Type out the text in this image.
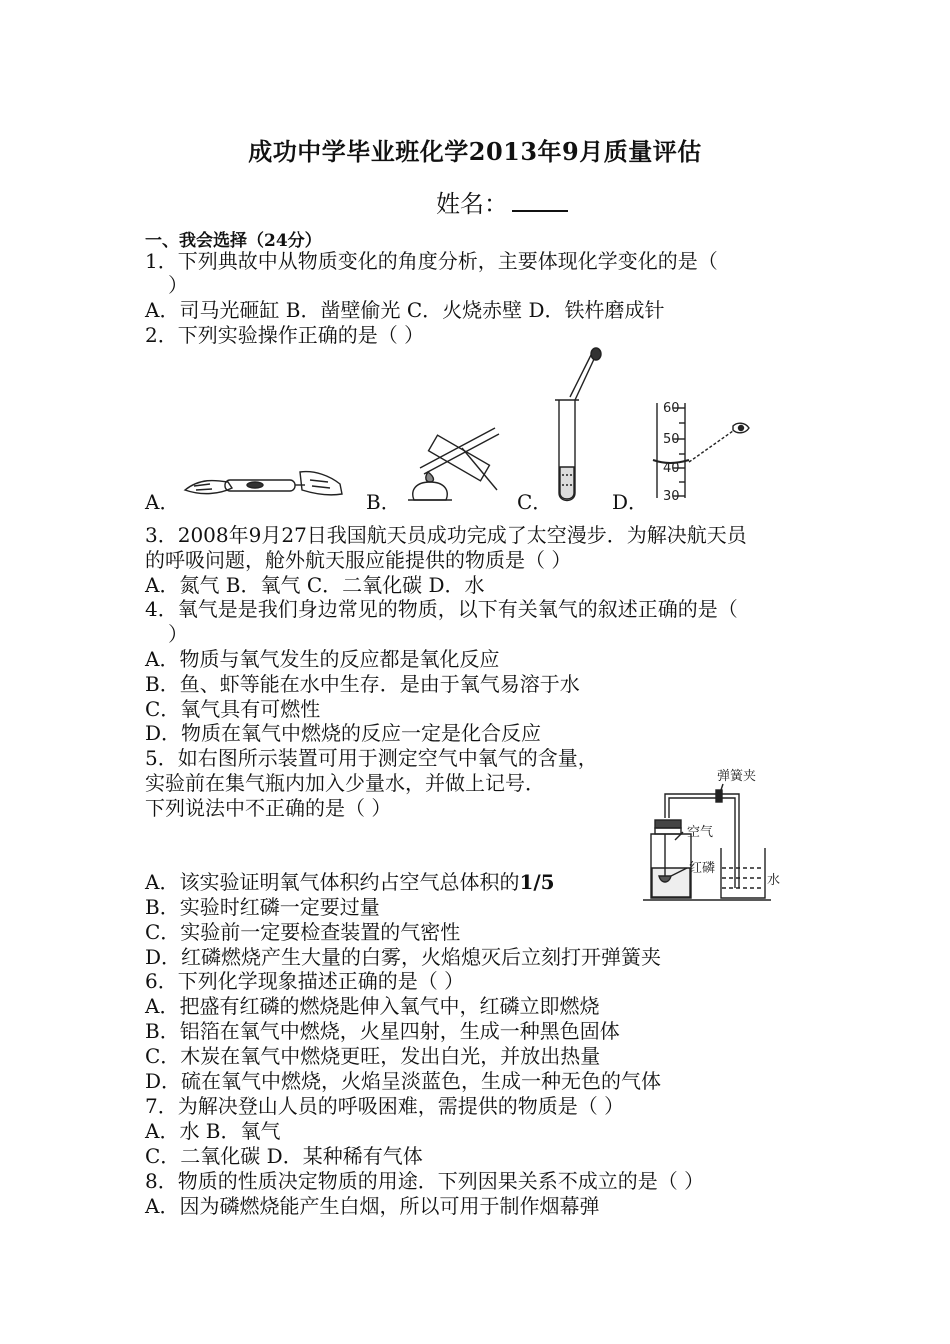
成功中学毕业班化学2013年9月质量评估
姓名：
一、我会选择（24分）
1．下列典故中从物质变化的角度分析，主要体现化学变化的是（
）
A．司马光砸缸 B．凿壁偷光 C．火烧赤壁 D．铁杵磨成针
2．下列实验操作正确的是（ ）
A．	B．	C．	D．
60
50
40
30
3．2008年9月27日我国航天员成功完成了太空漫步．为解决航天员
的呼吸问题，舱外航天服应能提供的物质是（ ）
A．氮气 B．氧气 C．二氧化碳 D．水
4．氧气是是我们身边常见的物质，以下有关氧气的叙述正确的是（
）
A．物质与氧气发生的反应都是氧化反应
B．鱼、虾等能在水中生存．是由于氧气易溶于水
C．氧气具有可燃性
D．物质在氧气中燃烧的反应一定是化合反应
5．如右图所示装置可用于测定空气中氧气的含量，
实验前在集气瓶内加入少量水，并做上记号．
下列说法中不正确的是（ ）
弹簧夹
空气
红磷
水
A．该实验证明氧气体积约占空气总体积的1/5
B．实验时红磷一定要过量
C．实验前一定要检查装置的气密性
D．红磷燃烧产生大量的白雾，火焰熄灭后立刻打开弹簧夹
6．下列化学现象描述正确的是（ ）
A．把盛有红磷的燃烧匙伸入氧气中，红磷立即燃烧
B．铝箔在氧气中燃烧，火星四射，生成一种黑色固体
C．木炭在氧气中燃烧更旺，发出白光，并放出热量
D．硫在氧气中燃烧，火焰呈淡蓝色，生成一种无色的气体
7．为解决登山人员的呼吸困难，需提供的物质是（ ）
A．水 B．氧气
C．二氧化碳 D．某种稀有气体
8．物质的性质决定物质的用途．下列因果关系不成立的是（ ）
A．因为磷燃烧能产生白烟，所以可用于制作烟幕弹
